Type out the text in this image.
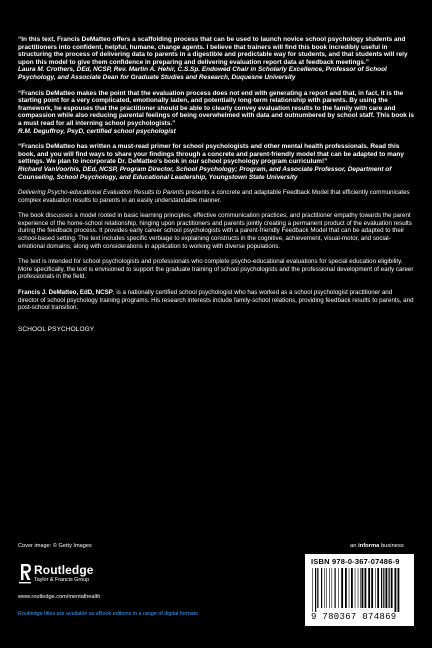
“In this text, Francis DeMatteo offers a scaffolding process that can be used to launch novice school psychology students and practitioners into confident, helpful, humane, change agents. I believe that trainers will find this book incredibly useful in structuring the process of delivering data to parents in a digestible and predictable way for students, and that students will rely upon this model to give them confidence in preparing and delivering evaluation report data at feedback meetings.”
Laura M. Crothers, DEd, NCSP, Rev. Martin A. Hehir, C.S.Sp. Endowed Chair in Scholarly Excellence, Professor of School Psychology, and Associate Dean for Graduate Studies and Research, Duquesne University
“Francis DeMatteo makes the point that the evaluation process does not end with generating a report and that, in fact, it is the starting point for a very complicated, emotionally laden, and potentially long-term relationship with parents. By using the framework, he espouses that the practitioner should be able to clearly convey evaluation results to the family with care and compassion while also reducing parental feelings of being overwhelmed with data and outnumbered by school staff. This book is a must read for all interning school psychologists.”
R.M. Deguffroy, PsyD, certified school psychologist
“Francis DeMatteo has written a must-read primer for school psychologists and other mental health professionals. Read this book, and you will find ways to share your findings through a concrete and parent-friendly model that can be adapted to many settings. We plan to incorporate Dr. DeMatteo’s book in our school psychology program curriculum!”
Richard VanVoorhis, DEd, NCSP, Program Director, School Psychology; Program, and Associate Professor, Department of Counseling, School Psychology, and Educational Leadership, Youngstown State University
Delivering Psycho-educational Evaluation Results to Parents presents a concrete and adaptable Feedback Model that efficiently communicates complex evaluation results to parents in an easily understandable manner.
The book discusses a model rooted in basic learning principles, effective communication practices, and practitioner empathy towards the parent experience of the home-school relationship, hinging upon practitioners and parents jointly creating a permanent product of the evaluation results during the feedback process. It provides early career school psychologists with a parent-friendly Feedback Model that can be adapted to their school-based setting. The text includes specific verbiage to explaining constructs in the cognitive, achievement, visual-motor, and social-emotional domains, along with considerations in application to working with diverse populations.
The text is intended for school psychologists and professionals who complete psycho-educational evaluations for special education eligibility. More specifically, the text is envisioned to support the graduate training of school psychologists and the professional development of early career professionals in the field.
Francis J. DeMatteo, EdD, NCSP, is a nationally certified school psychologist who has worked as a school psychologist practitioner and director of school psychology training programs. His research interests include family-school relations, providing feedback results to parents, and post-school transition.
SCHOOL PSYCHOLOGY
Cover image: © Getty Images
Routledge
Taylor & Francis Group
www.routledge.com/mentalhealth
Routledge titles are available as eBook editions in a range of digital formats
an informa business
ISBN 978-0-367-07486-9
9 780367 074869
